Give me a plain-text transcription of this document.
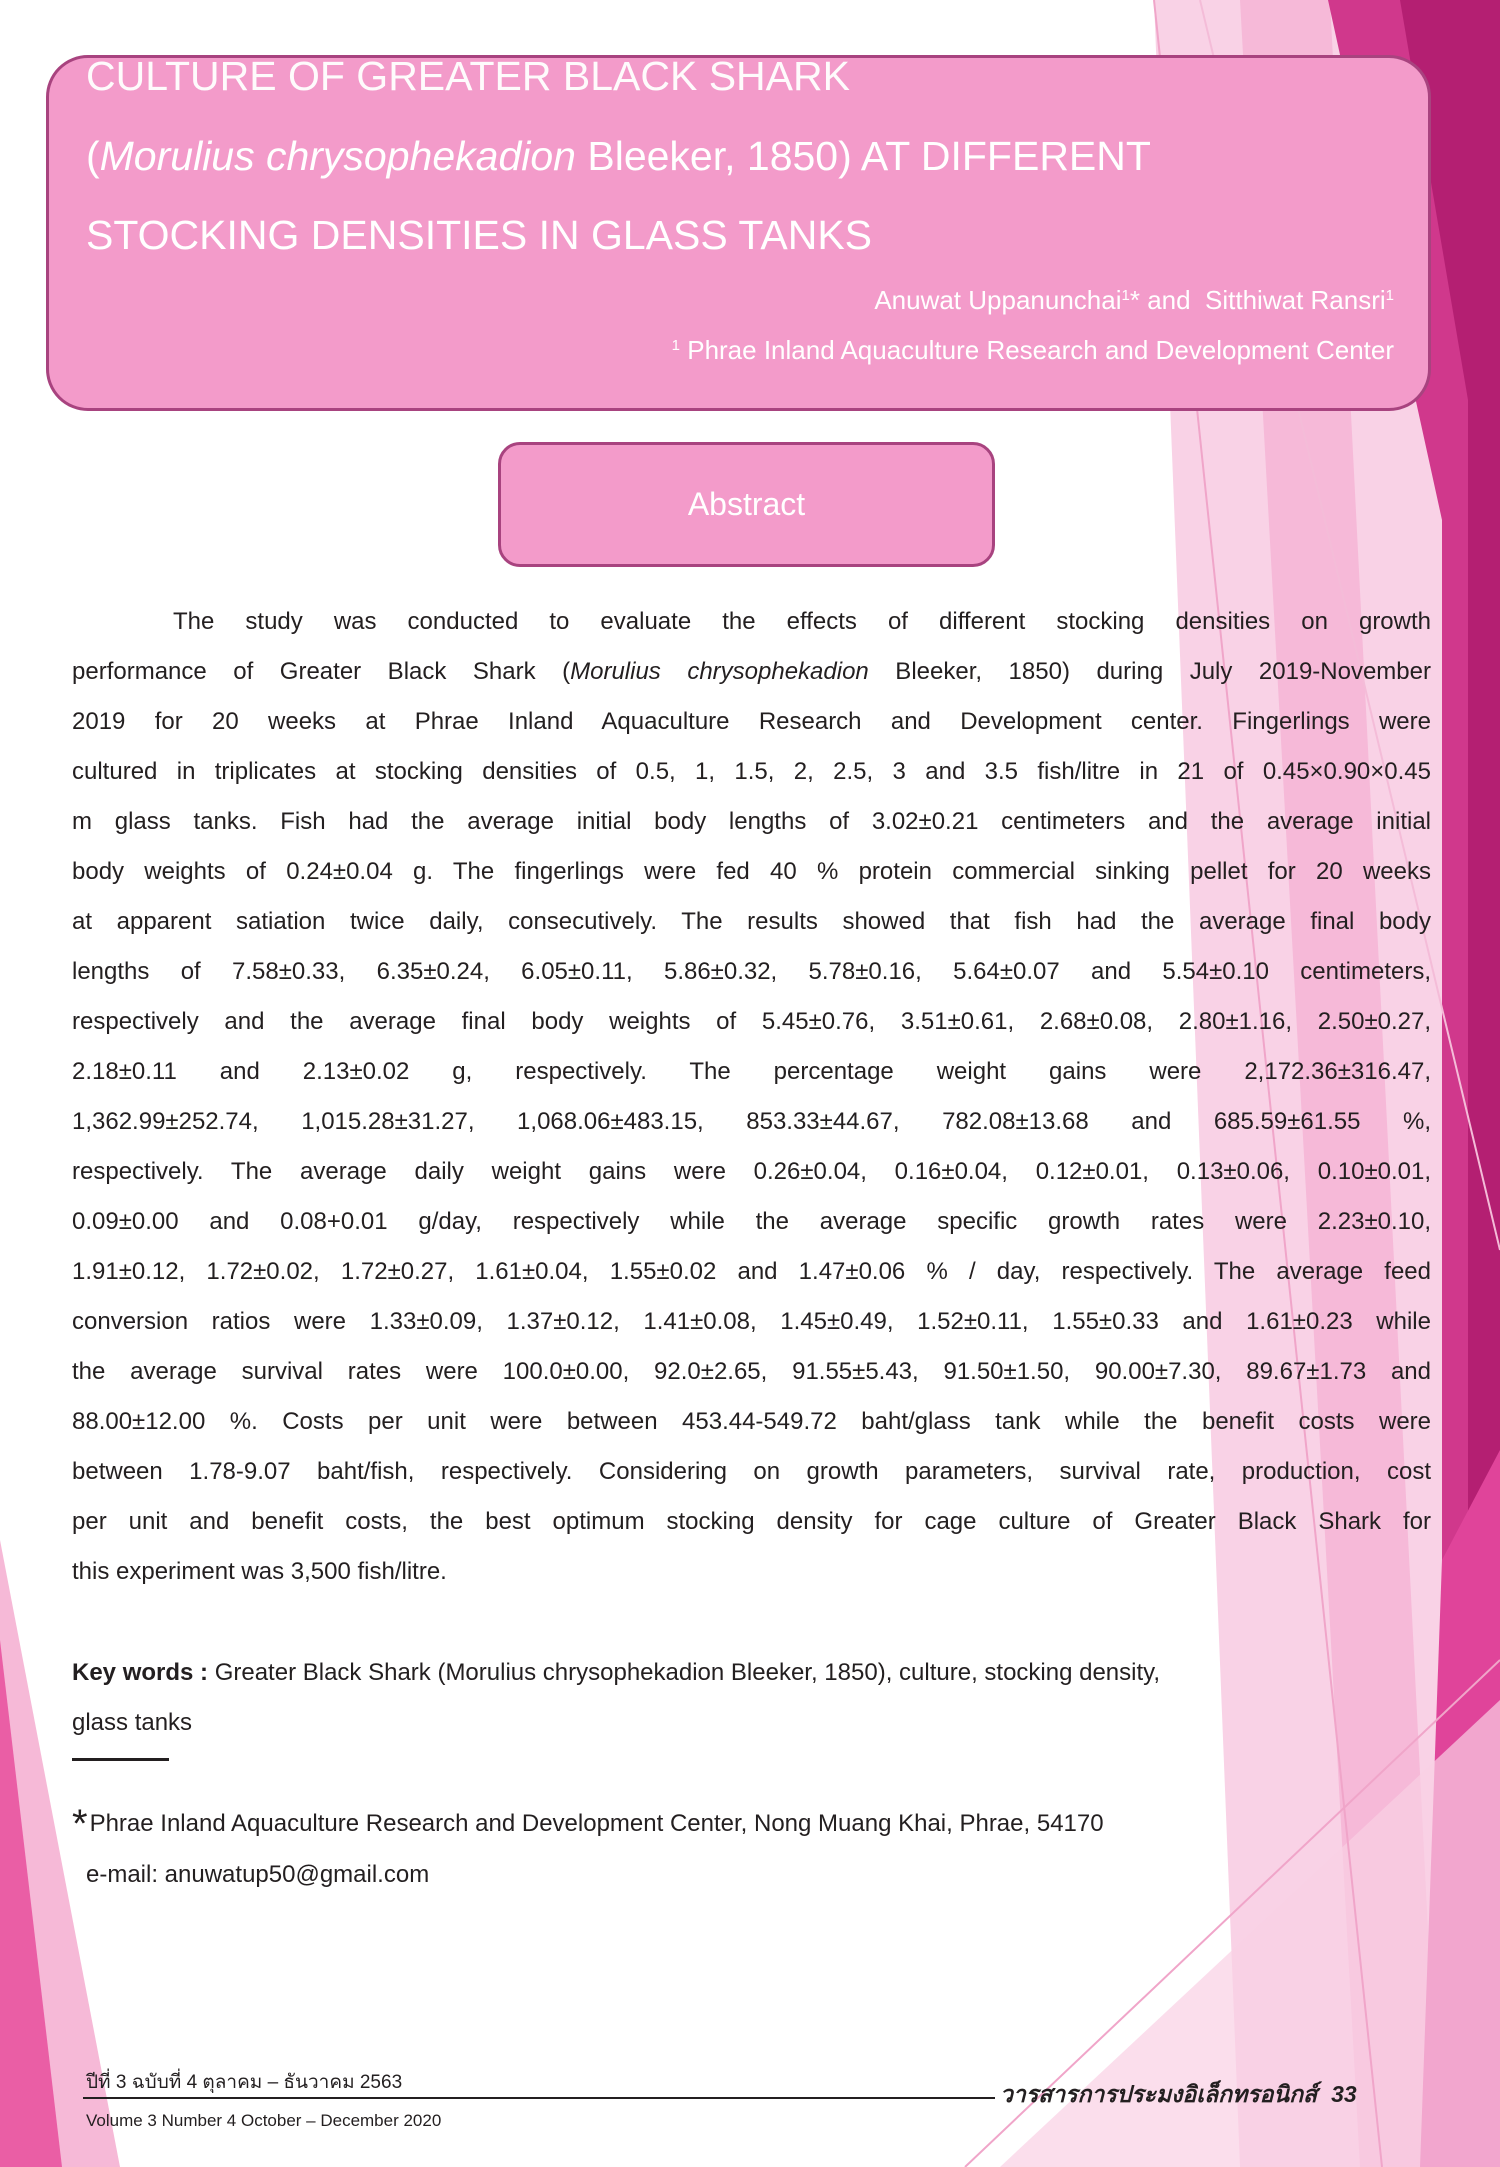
CULTURE OF GREATER BLACK SHARK
(Morulius chrysophekadion Bleeker, 1850) AT DIFFERENT
STOCKING DENSITIES IN GLASS TANKS
Anuwat Uppanunchai$^1$* and  Sitthiwat Ransri$^1$
$^1$ Phrae Inland Aquaculture Research and Development Center
Abstract
The study was conducted to evaluate the effects of different stocking densities on growth
performance of Greater Black Shark (Morulius chrysophekadion Bleeker, 1850) during July 2019-November
2019 for 20 weeks at Phrae Inland Aquaculture Research and Development center. Fingerlings were
cultured in triplicates at stocking densities of 0.5, 1, 1.5, 2, 2.5, 3 and 3.5 fish/litre in 21 of 0.45×0.90×0.45
m glass tanks. Fish had the average initial body lengths of 3.02±0.21 centimeters and the average initial
body weights of 0.24±0.04 g. The fingerlings were fed 40 % protein commercial sinking pellet for 20 weeks
at apparent satiation twice daily, consecutively. The results showed that fish had the average final body
lengths of 7.58±0.33, 6.35±0.24, 6.05±0.11, 5.86±0.32, 5.78±0.16, 5.64±0.07 and 5.54±0.10 centimeters,
respectively and the average final body weights of 5.45±0.76, 3.51±0.61, 2.68±0.08, 2.80±1.16, 2.50±0.27,
2.18±0.11 and 2.13±0.02 g, respectively. The percentage weight gains were 2,172.36±316.47,
1,362.99±252.74, 1,015.28±31.27, 1,068.06±483.15, 853.33±44.67, 782.08±13.68 and 685.59±61.55 %,
respectively. The average daily weight gains were 0.26±0.04, 0.16±0.04, 0.12±0.01, 0.13±0.06, 0.10±0.01,
0.09±0.00 and 0.08+0.01 g/day, respectively while the average specific growth rates were 2.23±0.10,
1.91±0.12, 1.72±0.02, 1.72±0.27, 1.61±0.04, 1.55±0.02 and 1.47±0.06 % / day, respectively. The average feed
conversion ratios were 1.33±0.09, 1.37±0.12, 1.41±0.08, 1.45±0.49, 1.52±0.11, 1.55±0.33 and 1.61±0.23 while
the average survival rates were 100.0±0.00, 92.0±2.65, 91.55±5.43, 91.50±1.50, 90.00±7.30, 89.67±1.73 and
88.00±12.00 %. Costs per unit were between 453.44-549.72 baht/glass tank while the benefit costs were
between 1.78-9.07 baht/fish, respectively. Considering on growth parameters, survival rate, production, cost
per unit and benefit costs, the best optimum stocking density for cage culture of Greater Black Shark for
this experiment was 3,500 fish/litre.
Key words : Greater Black Shark (Morulius chrysophekadion Bleeker, 1850), culture, stocking density,
glass tanks
*Phrae Inland Aquaculture Research and Development Center, Nong Muang Khai, Phrae, 54170
e-mail: anuwatup50@gmail.com
ปีที่ 3 ฉบับที่ 4 ตุลาคม – ธันวาคม 2563
Volume 3 Number 4 October – December 2020
วารสารการประมงอิเล็กทรอนิกส์ 33
